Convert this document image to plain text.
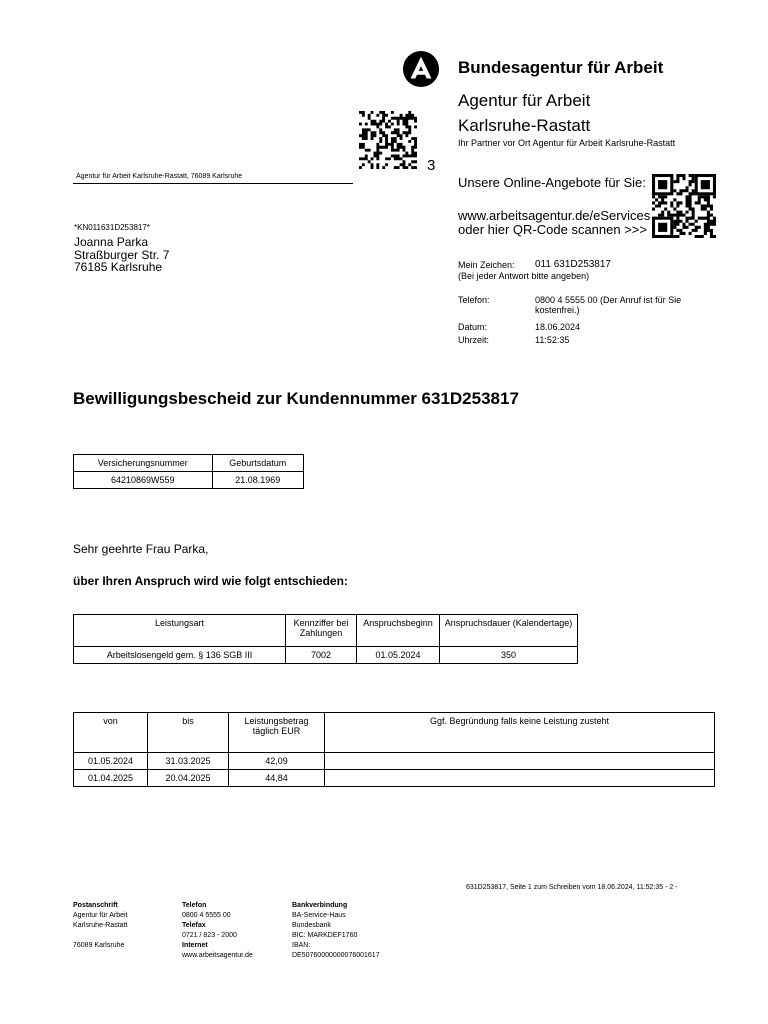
Bundesagentur für Arbeit
Agentur für Arbeit
Karlsruhe-Rastatt
Ihr Partner vor Ort Agentur für Arbeit Karlsruhe-Rastatt
3
Agentur für Arbeit Karlsruhe-Rastatt, 76089 Karlsruhe	Unsere Online-Angebote für Sie:
www.arbeitsagentur.de/eServices
oder hier QR-Code scannen >>>
*KN011631D253817*
Joanna Parka
Straßburger Str. 7
76185 Karlsruhe	Mein Zeichen: 011 631D253817
(Bei jeder Antwort bitte angeben)
Telefon:	0800 4 5555 00 (Der Anruf ist für Sie
kostenfrei.)
Datum:	18.06.2024
Uhrzeit:	11:52:35
Bewilligungsbescheid zur Kundennummer 631D253817
Versicherungsnummer	Geburtsdatum
64210869W559	21.08.1969
Sehr geehrte Frau Parka,
über Ihren Anspruch wird wie folgt entschieden:
Leistungsart	Kennziffer bei Zahlungen	Anspruchsbeginn	Anspruchsdauer (Kalendertage)
Arbeitslosengeld gem. § 136 SGB III	7002	01.05.2024	350
von	bis	Leistungsbetrag täglich EUR	Ggf. Begründung falls keine Leistung zusteht
01.05.2024	31.03.2025	42,09	
01.04.2025	20.04.2025	44,84	
631D253817, Seite 1 zum Schreiben vom 18.06.2024, 11:52:35 - 2 -
Postanschrift
Agentur für Arbeit
Karlsruhe-Rastatt

76089 Karlsruhe
Telefon
0800 4 5555 00
Telefax
0721 / 823 - 2000
Internet
www.arbeitsagentur.de
Bankverbindung
BA-Service-Haus
Bundesbank
BIC: MARKDEF1760
IBAN:
DE50760000000076001617
